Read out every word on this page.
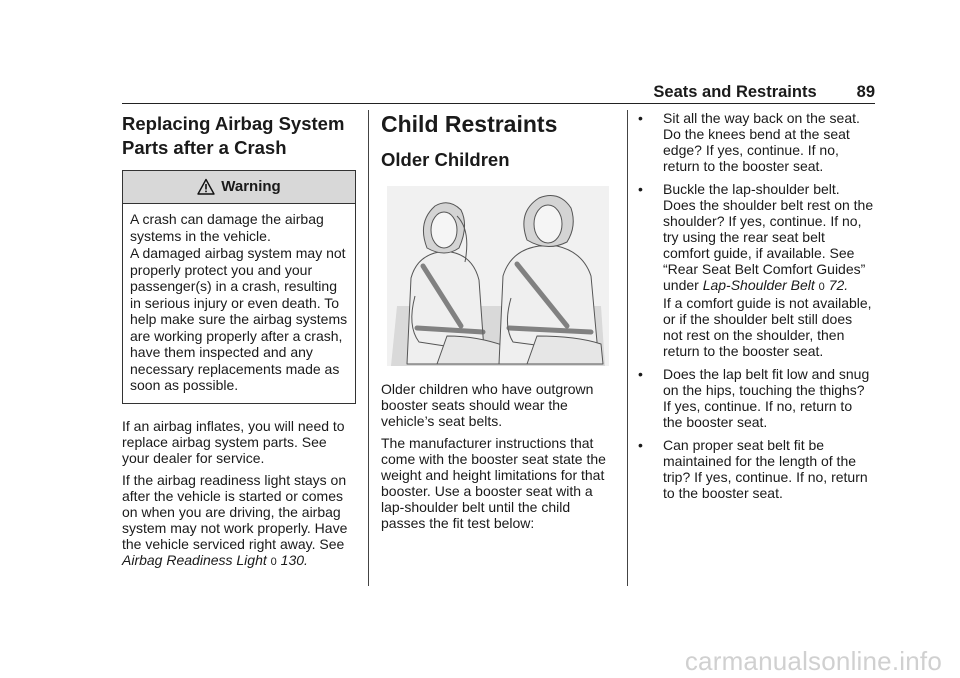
Seats and Restraints 89
Replacing Airbag System Parts after a Crash
Warning

A crash can damage the airbag systems in the vehicle.

A damaged airbag system may not properly protect you and your passenger(s) in a crash, resulting in serious injury or even death. To help make sure the airbag systems are working properly after a crash, have them inspected and any necessary replacements made as soon as possible.

If an airbag inflates, you will need to replace airbag system parts. See your dealer for service.

If the airbag readiness light stays on after the vehicle is started or comes on when you are driving, the airbag system may not work properly. Have the vehicle serviced right away. See Airbag Readiness Light 0 130.

Child Restraints
Older Children

Older children who have outgrown booster seats should wear the vehicle’s seat belts.

The manufacturer instructions that come with the booster seat state the weight and height limitations for that booster. Use a booster seat with a lap-shoulder belt until the child passes the fit test below:

•	Sit all the way back on the seat. Do the knees bend at the seat edge? If yes, continue. If no, return to the booster seat.
•	Buckle the lap-shoulder belt. Does the shoulder belt rest on the shoulder? If yes, continue. If no, try using the rear seat belt comfort guide, if available. See “Rear Seat Belt Comfort Guides” under Lap-Shoulder Belt 0 72.
If a comfort guide is not available, or if the shoulder belt still does not rest on the shoulder, then return to the booster seat.
•	Does the lap belt fit low and snug on the hips, touching the thighs? If yes, continue. If no, return to the booster seat.
•	Can proper seat belt fit be maintained for the length of the trip? If yes, continue. If no, return to the booster seat.
carmanualsonline.info
